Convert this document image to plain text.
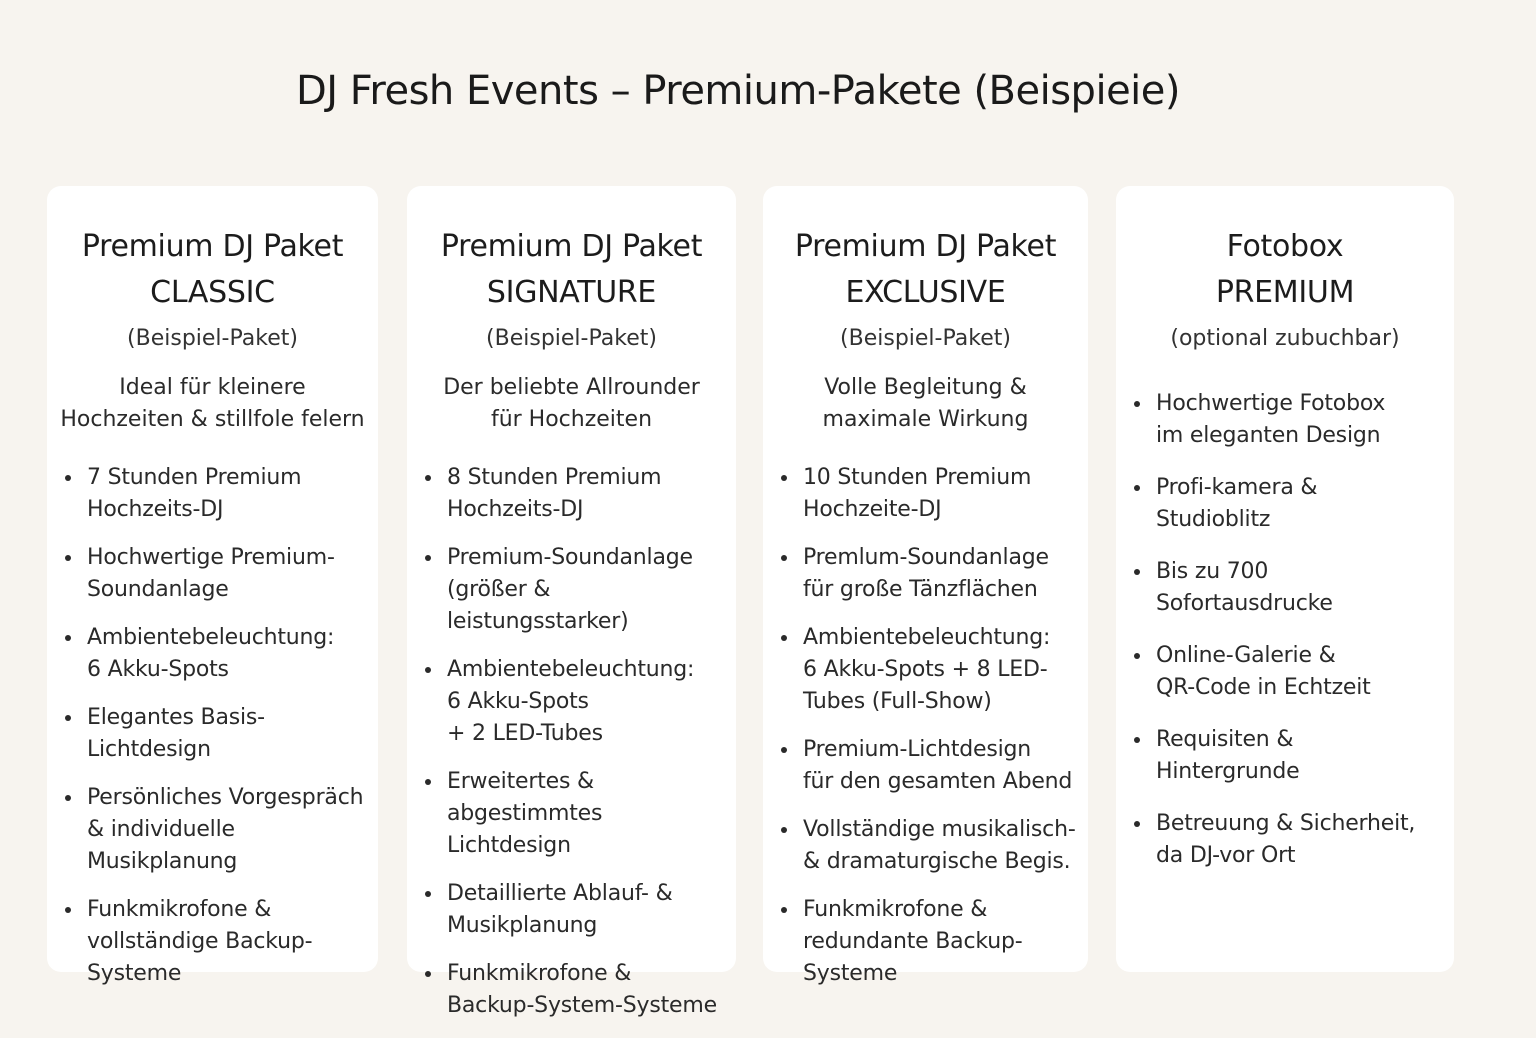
DJ Fresh Events – Premium-Pakete (Beispieie)
Premium DJ Paket
CLASSIC
(Beispiel-Paket)
Ideal für kleinere
Hochzeiten & stillfole felern
7 Stunden Premium
Hochzeits-DJ
Hochwertige Premium-
Soundanlage
Ambientebeleuchtung:
6 Akku-Spots
Elegantes Basis-
Lichtdesign
Persönliches Vorgespräch
& individuelle Musikplanung
Funkmikrofone &
vollständige Backup-
Systeme
Premium DJ Paket
SIGNATURE
(Beispiel-Paket)
Der beliebte Allrounder
für Hochzeiten
8 Stunden Premium
Hochzeits-DJ
Premium-Soundanlage
(größer & leistungsstarker)
Ambientebeleuchtung:
6 Akku-Spots
+ 2 LED-Tubes
Erweitertes &
abgestimmtes Lichtdesign
Detaillierte Ablauf- &
Musikplanung
Funkmikrofone &
Backup-System-Systeme
Premium DJ Paket
EXCLUSIVE
(Beispiel-Paket)
Volle Begleitung &
maximale Wirkung
10 Stunden Premium
Hochzeite-DJ
Premlum-Soundanlage
für große Tänzflächen
Ambientebeleuchtung:
6 Akku-Spots + 8 LED-
Tubes (Full-Show)
Premium-Lichtdesign
für den gesamten Abend
Vollständige musikalisch-
& dramaturgische Begis.
Funkmikrofone &
redundante Backup-Systeme
Fotobox
PREMIUM
(optional zubuchbar)
Hochwertige Fotobox
im eleganten Design
Profi-kamera &
Studioblitz
Bis zu 700
Sofortausdrucke
Online-Galerie &
QR-Code in Echtzeit
Requisiten &
Hintergrunde
Betreuung & Sicherheit,
da DJ-vor Ort
